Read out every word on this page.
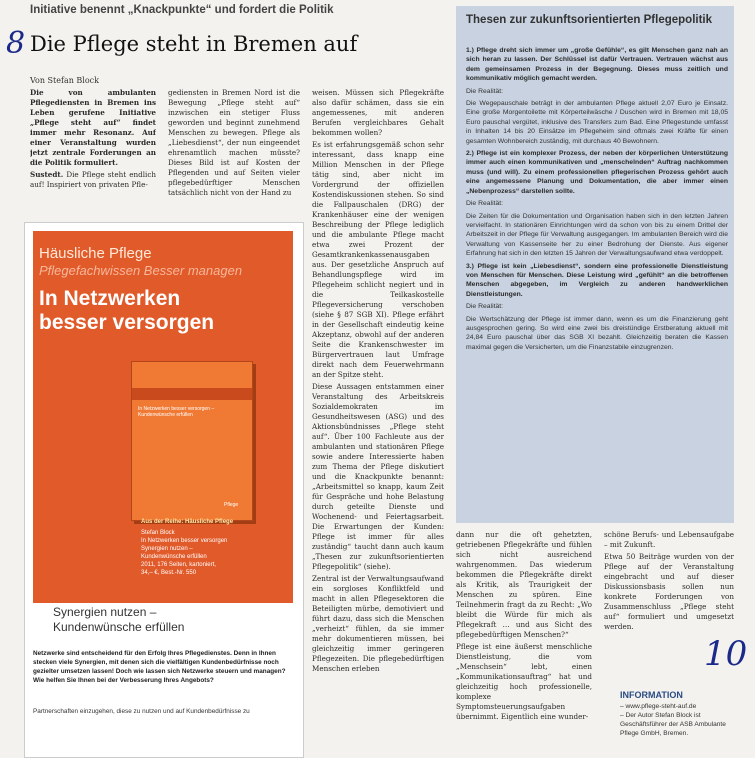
Initiative benennt „Knackpunkte“ und fordert die Politik
8 Die Pflege steht in Bremen auf
Von Stefan Block

Die von ambulanten Pflegediensten in Bremen ins Leben gerufene Initiative „Pflege steht auf“ findet immer mehr Resonanz. Auf einer Veranstaltung wurden jetzt zentrale Forderungen an die Politik formuliert.

Sustedt. Die Pflege steht endlich auf! Inspiriert von privaten Pfle-

gediensten in Bremen Nord ist die Bewegung „Pflege steht auf“ inzwischen ein stetiger Fluss geworden und beginnt zunehmend Menschen zu bewegen. Pflege als „Liebesdienst“, der nun eingeendet ehrenamtlich machen müsste? Dieses Bild ist auf Kosten der Pflegenden und auf Seiten vieler pflegebedürftiger Menschen tatsächlich nicht von der Hand zu

weisen. Müssen sich Pflegekräfte also dafür schämen, dass sie ein angemessenes, mit anderen Berufen vergleichbares Gehalt bekommen wollen?

Es ist erfahrungsgemäß schon sehr interessant, dass knapp eine Million Menschen in der Pflege tätig sind, aber nicht im Vordergrund der offiziellen Kostendiskussionen stehen. So sind die Fallpauschalen (DRG) der Krankenhäuser eine der wenigen Beschreibung der Pflege lediglich und die ambulante Pflege macht etwa zwei Prozent der Gesamtkrankenkassenausgaben aus. Der gesetzliche Anspruch auf Behandlungspflege wird im Pflegeheim schlicht negiert und in die Teilkaskostelle Pflegeversicherung verschoben (siehe § 87 SGB XI). Pflege erfährt in der Gesellschaft eindeutig keine Akzeptanz, obwohl auf der anderen Seite die Krankenschwester im Bürgervertrauen laut Umfrage direkt nach dem Feuerwehrmann an der Spitze steht.

Diese Aussagen entstammen einer Veranstaltung des Arbeitskreis Sozialdemokraten im Gesundheitswesen (ASG) und des Aktionsbündnisses „Pflege steht auf“. Über 100 Fachleute aus der ambulanten und stationären Pflege sowie andere Interessierte haben zum Thema der Pflege diskutiert und die Knackpunkte benannt: „Arbeitsmittel so knapp, kaum Zeit für Gespräche und hohe Belastung durch geteilte Dienste und Wochenend- und Feiertagsarbeit. Die Erwartungen der Kunden: Pflege ist immer für alles zuständig“ taucht dann auch kaum „Thesen zur zukunftsorientierten Pflegepolitik“ (siehe).

Zentral ist der Verwaltungsaufwand ein sorgloses Konfliktfeld und macht in allen Pflegesektoren die Beteiligten mürbe, demotiviert und führt dazu, dass sich die Menschen „verheizt“ fühlen, da sie immer mehr dokumentieren müssen, bei gleichzeitig immer geringeren Pflegezeiten. Die pflegebedürftigen Menschen erleben

dann nur die oft gehetzten, getriebenen Pflegekräfte und fühlen sich nicht ausreichend wahrgenommen. Das wiederum bekommen die Pflegekräfte direkt als Kritik, als Traurigkeit der Menschen zu spüren. Eine Teilnehmerin fragt da zu Recht: „Wo bleibt die Würde für mich als Pflegekraft … und aus Sicht des pflegebedürftigen Menschen?“

Pflege ist eine äußerst menschliche Dienstleistung, die vom „Menschsein“ lebt, einen „Kommunikationsauftrag“ hat und gleichzeitig hoch professionelle, komplexe Symptomsteuerungsaufgaben übernimmt. Eigentlich eine wunder-

schöne Berufs- und Lebensaufgabe – mit Zukunft.

Etwa 50 Beiträge wurden von der Pflege auf der Veranstaltung eingebracht und auf dieser Diskussionsbasis sollen nun konkrete Forderungen von Zusammenschluss „Pflege steht auf“ formuliert und umgesetzt werden.

Häusliche Pflege
Pflegefachwissen Besser managen
In Netzwerken
besser versorgen
In Netzwerken besser versorgen – Kundenwünsche erfüllen
Pflege
Aus der Reihe: Häusliche Pflege
Stefan Block
In Netzwerken besser versorgen
Synergien nutzen –
Kundenwünsche erfüllen
2011, 176 Seiten, kartoniert,
34,– €, Best.-Nr. 550
Synergien nutzen –
Kundenwünsche erfüllen
Netzwerke sind entscheidend für den Erfolg Ihres Pflegedienstes. Denn in Ihnen stecken viele Synergien, mit denen sich die vielfältigen Kundenbedürfnisse noch gezielter umsetzen lassen! Doch wie lassen sich Netzwerke steuern und managen? Wie helfen Sie Ihnen bei der Verbesserung Ihres Angebots?
Partnerschaften einzugehen, diese zu nutzen und auf Kundenbedürfnisse zu
Thesen zur zukunftsorientierten Pflegepolitik

1.) Pflege dreht sich immer um „große Gefühle“, es gilt Menschen ganz nah an sich heran zu lassen. Der Schlüssel ist dafür Vertrauen. Vertrauen wächst aus dem gemeinsamen Prozess in der Begegnung. Dieses muss zeitlich und kommunikativ möglich gemacht werden.

Die Realität:

Die Wegepauschale beträgt in der ambulanten Pflege aktuell 2,07 Euro je Einsatz. Eine große Morgentoilette mit Körperteilwäsche / Duschen wird in Bremen mit 18,05 Euro pauschal vergütet, inklusive des Transfers zum Bad. Eine Pflegestunde umfasst in Inhalten 14 bis 20 Einsätze im Pflegeheim sind oftmals zwei Kräfte für einen gesamten Wohnbereich zuständig, mit durchaus 40 Bewohnern.

2.) Pflege ist ein komplexer Prozess, der neben der körperlichen Unterstützung immer auch einen kommunikativen und „menschelnden“ Auftrag nachkommen muss (und will). Zu einem professionellen pflegerischen Prozess gehört auch eine angemessene Planung und Dokumentation, die aber immer einen „Nebenprozess“ darstellen sollte.

Die Realität:

Die Zeiten für die Dokumentation und Organisation haben sich in den letzten Jahren vervielfacht. In stationären Einrichtungen wird da schon von bis zu einem Drittel der Arbeitszeit in der Pflege für Verwaltung ausgegangen. Im ambulanten Bereich wird die Verwaltung von Kassenseite her zu einer Bedrohung der Dienste. Aus eigener Erfahrung hat sich in den letzten 15 Jahren der Verwaltungsaufwand etwa verdoppelt.

3.) Pflege ist kein „Liebesdienst“, sondern eine professionelle Dienstleistung von Menschen für Menschen. Diese Leistung wird „gefühlt“ an die betroffenen Menschen abgegeben, im Vergleich zu anderen handwerklichen Dienstleistungen.

Die Realität:

Die Wertschätzung der Pflege ist immer dann, wenn es um die Finanzierung geht ausgesprochen gering. So wird eine zwei bis dreistündige Erstberatung aktuell mit 24,84 Euro pauschal über das SGB XI bezahlt. Gleichzeitig beraten die Kassen maximal gegen die Versicherten, um die Finanzstabile einzugrenzen.

INFORMATION
– www.pflege-steht-auf.de
– Der Autor Stefan Block ist Geschäftsführer der ASB Ambulante Pflege GmbH, Bremen.
10
